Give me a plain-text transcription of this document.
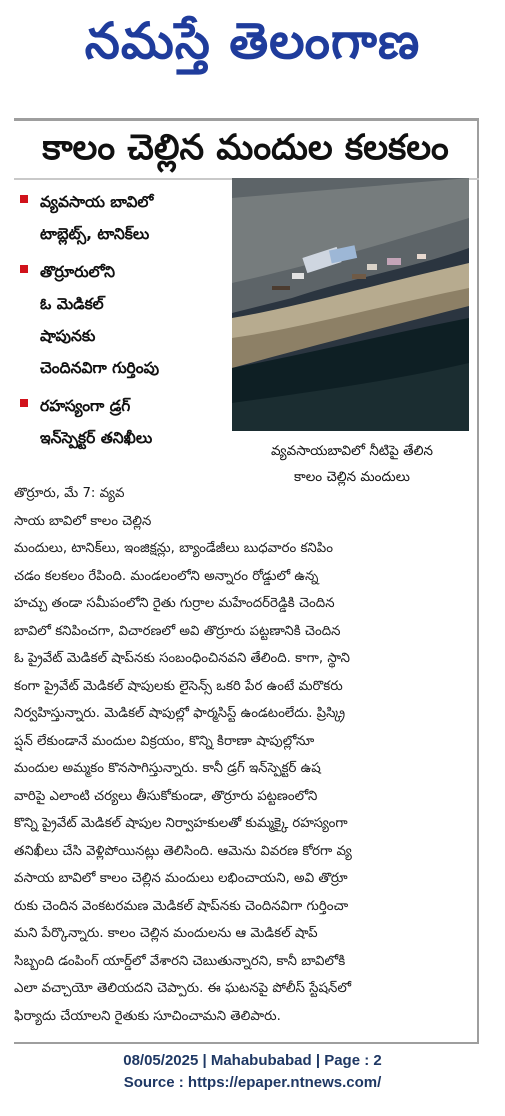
నమస్తే తెలంగాణ
కాలం చెల్లిన మందుల కలకలం
వ్యవసాయ బావిలో
టాబ్లెట్స్, టానిక్‌లు
తొర్రూరులోని
ఓ మెడికల్
షాపునకు
చెందినవిగా గుర్తింపు
రహస్యంగా డ్రగ్
ఇన్‌స్పెక్టర్ తనిఖీలు
వ్యవసాయబావిలో నీటిపై తేలిన
కాలం చెల్లిన మందులు
తొర్రూరు, మే 7: వ్యవ
సాయ బావిలో కాలం చెల్లిన
మందులు, టానిక్‌లు, ఇంజిక్షన్లు, బ్యాండేజీలు బుధవారం కనిపిం
చడం కలకలం రేపింది. మండలంలోని అన్నారం రోడ్డులో ఉన్న
హచ్చు తండా సమీపంలోని రైతు గుర్రాల మహేందర్‌రెడ్డికి చెందిన
బావిలో కనిపించగా, విచారణలో అవి తొర్రూరు పట్టణానికి చెందిన
ఓ ప్రైవేట్ మెడికల్ షాప్‌నకు సంబంధించినవని తేలింది. కాగా, స్థాని
కంగా ప్రైవేట్ మెడికల్ షాపులకు లైసెన్స్ ఒకరి పేర ఉంటే మరొకరు
నిర్వహిస్తున్నారు. మెడికల్ షాపుల్లో ఫార్మసిస్ట్ ఉండటంలేదు. ప్రిస్క్రి
ప్షన్ లేకుండానే మందుల విక్రయం, కొన్ని కిరాణా షాపుల్లోనూ
మందుల అమ్మకం కొనసాగిస్తున్నారు. కానీ డ్రగ్ ఇన్‌స్పెక్టర్ ఉష
వారిపై ఎలాంటి చర్యలు తీసుకోకుండా, తొర్రూరు పట్టణంలోని
కొన్ని ప్రైవేట్ మెడికల్ షాపుల నిర్వాహకులతో కుమ్మక్కై రహస్యంగా
తనిఖీలు చేసి వెళ్లిపోయినట్లు తెలిసింది. ఆమెను వివరణ కోరగా వ్య
వసాయ బావిలో కాలం చెల్లిన మందులు లభించాయని, అవి తొర్రూ
రుకు చెందిన వెంకటరమణ మెడికల్ షాప్‌నకు చెందినవిగా గుర్తించా
మని పేర్కొన్నారు. కాలం చెల్లిన మందులను ఆ మెడికల్ షాప్
సిబ్బంది డంపింగ్ యార్డ్‌లో వేశారని చెబుతున్నారని, కానీ బావిలోకి
ఎలా వచ్చాయో తెలియదని చెప్పారు. ఈ ఘటనపై పోలీస్ స్టేషన్‌లో
ఫిర్యాదు చేయాలని రైతుకు సూచించామని తెలిపారు.
08/05/2025 | Mahabubabad | Page : 2
Source : https://epaper.ntnews.com/
